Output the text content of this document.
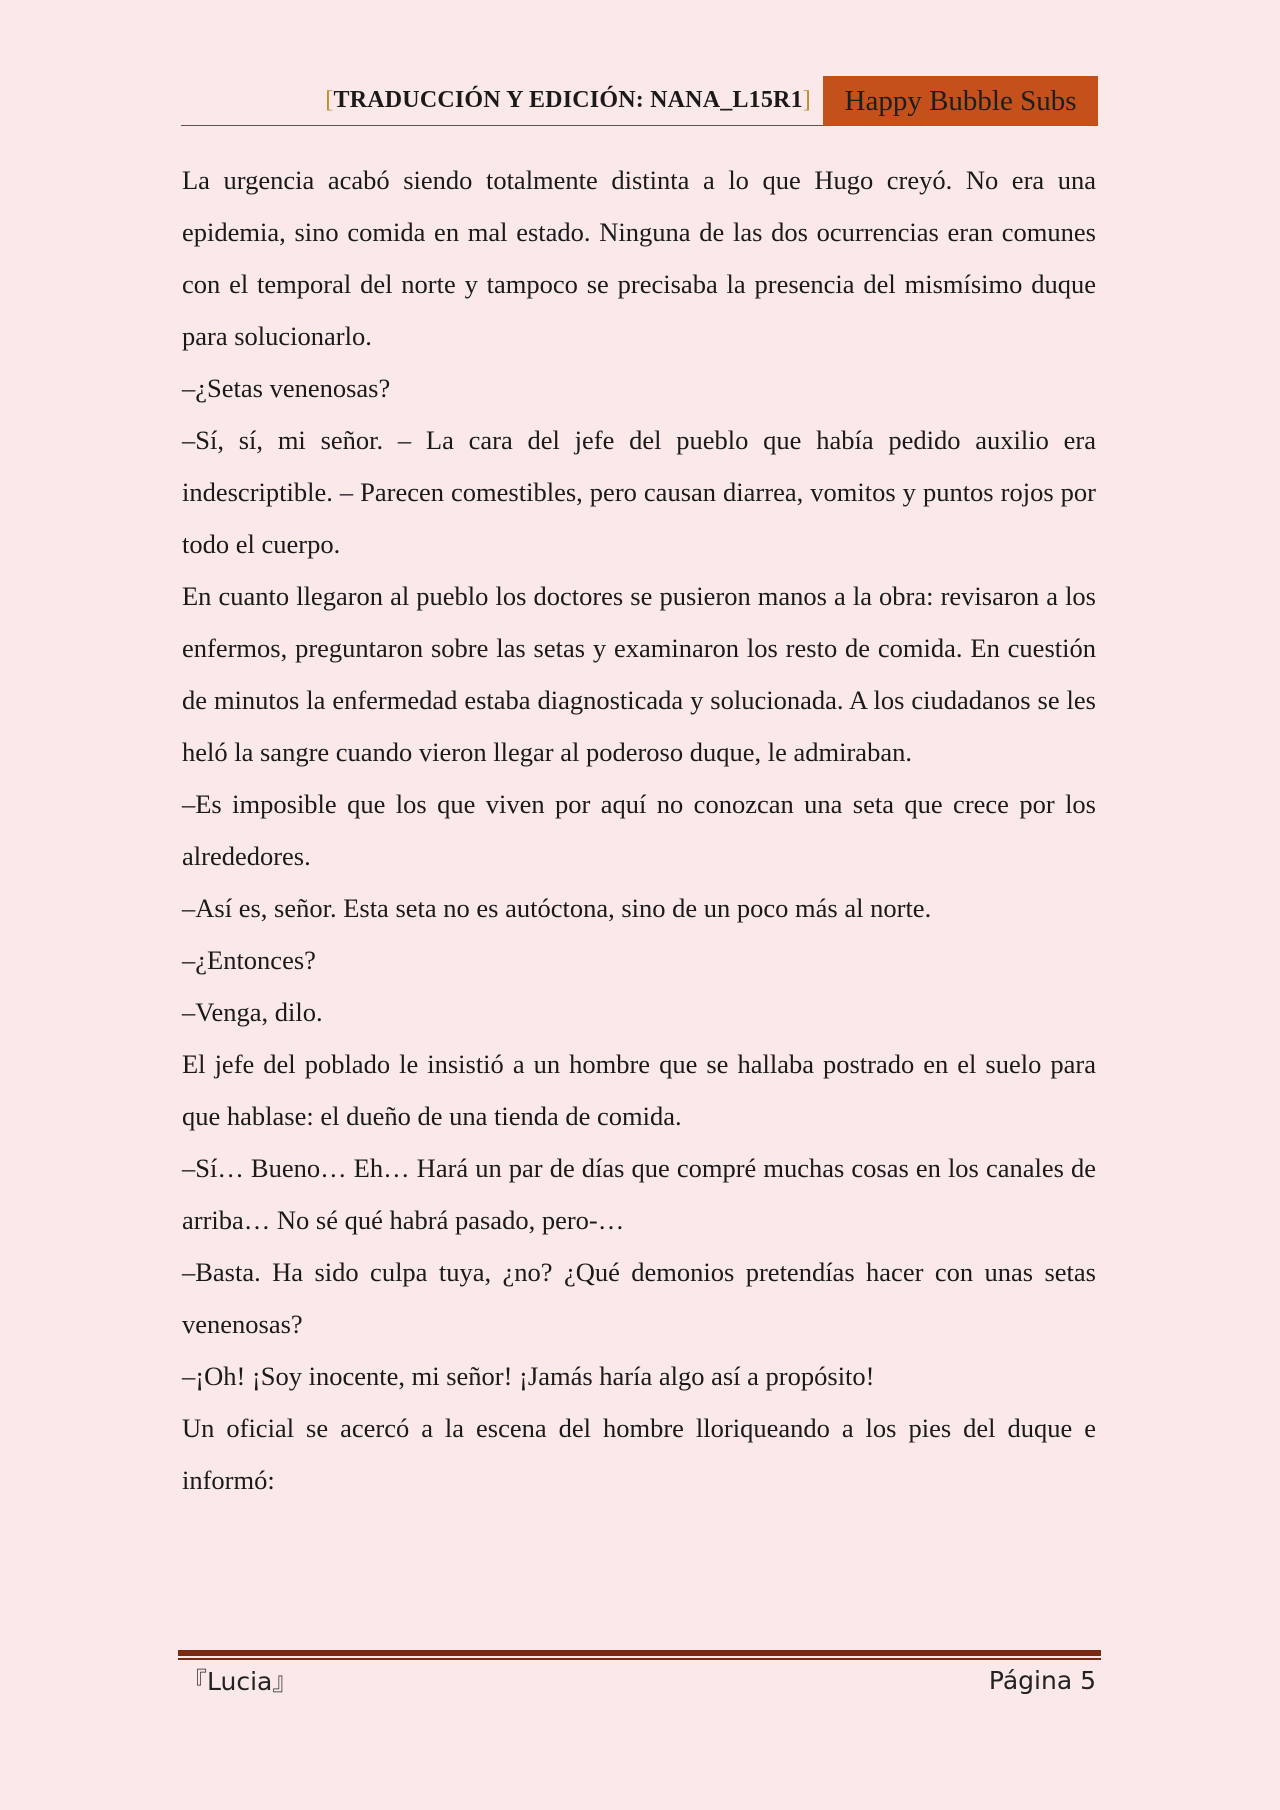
[ TRADUCCIÓN Y EDICIÓN: NANA_L15R1 ] Happy Bubble Subs

La urgencia acabó siendo totalmente distinta a lo que Hugo creyó. No era una epidemia, sino comida en mal estado. Ninguna de las dos ocurrencias eran comunes con el temporal del norte y tampoco se precisaba la presencia del mismísimo duque para solucionarlo.

–¿Setas venenosas?

–Sí, sí, mi señor. – La cara del jefe del pueblo que había pedido auxilio era indescriptible. – Parecen comestibles, pero causan diarrea, vomitos y puntos rojos por todo el cuerpo.

En cuanto llegaron al pueblo los doctores se pusieron manos a la obra: revisaron a los enfermos, preguntaron sobre las setas y examinaron los resto de comida. En cuestión de minutos la enfermedad estaba diagnosticada y solucionada. A los ciudadanos se les heló la sangre cuando vieron llegar al poderoso duque, le admiraban.

–Es imposible que los que viven por aquí no conozcan una seta que crece por los alrededores.

–Así es, señor. Esta seta no es autóctona, sino de un poco más al norte.

–¿Entonces?

–Venga, dilo.

El jefe del poblado le insistió a un hombre que se hallaba postrado en el suelo para que hablase: el dueño de una tienda de comida.

–Sí… Bueno… Eh… Hará un par de días que compré muchas cosas en los canales de arriba… No sé qué habrá pasado, pero-…

–Basta. Ha sido culpa tuya, ¿no? ¿Qué demonios pretendías hacer con unas setas venenosas?

–¡Oh! ¡Soy inocente, mi señor! ¡Jamás haría algo así a propósito!

Un oficial se acercó a la escena del hombre lloriqueando a los pies del duque e informó:

『Lucia』	Página 5
